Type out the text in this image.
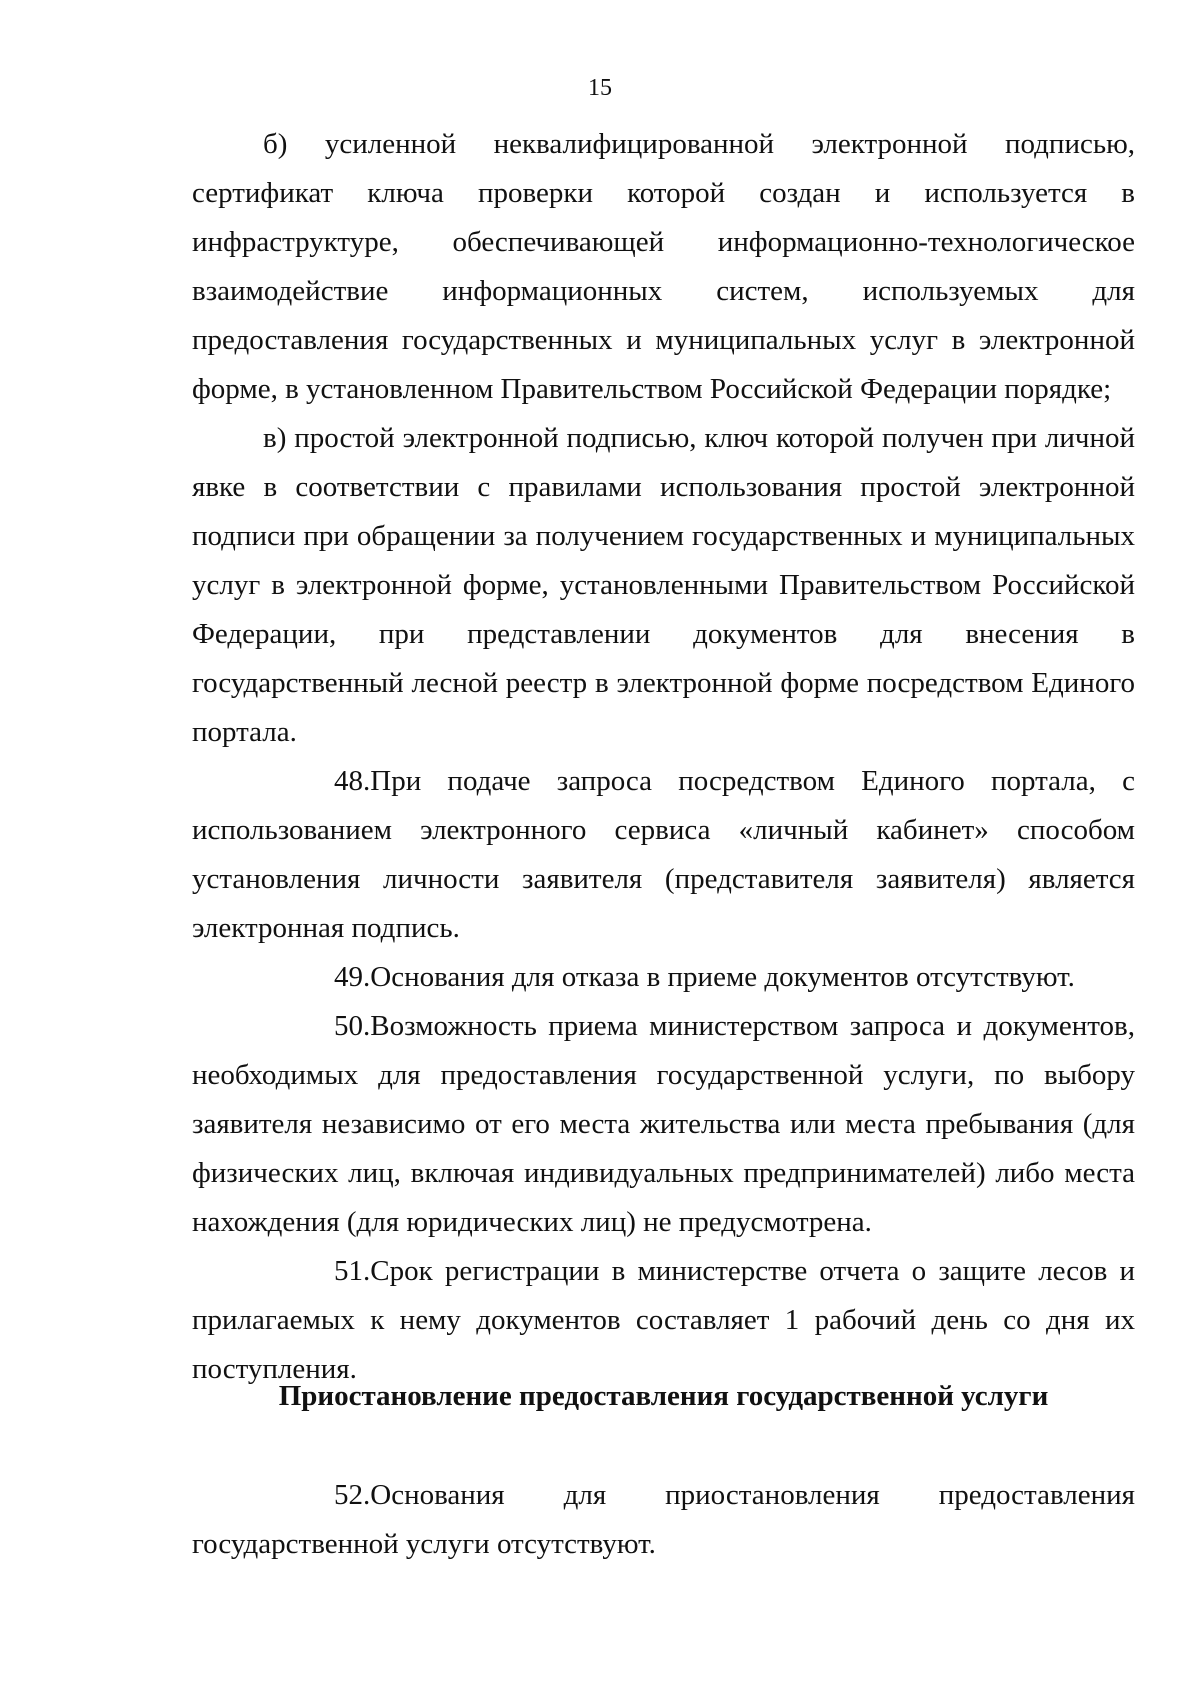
15

б) усиленной неквалифицированной электронной подписью, сертификат ключа проверки которой создан и используется в инфраструктуре, обеспечивающей информационно-технологическое взаимодействие информационных систем, используемых для предоставления государственных и муниципальных услуг в электронной форме, в установленном Правительством Российской Федерации порядке;

в) простой электронной подписью, ключ которой получен при личной явке в соответствии с правилами использования простой электронной подписи при обращении за получением государственных и муниципальных услуг в электронной форме, установленными Правительством Российской Федерации, при представлении документов для внесения в государственный лесной реестр в электронной форме посредством Единого портала.

48.При подаче запроса посредством Единого портала, с использованием электронного сервиса «личный кабинет» способом установления личности заявителя (представителя заявителя) является электронная подпись.

49.Основания для отказа в приеме документов отсутствуют.

50.Возможность приема министерством запроса и документов, необходимых для предоставления государственной услуги, по выбору заявителя независимо от его места жительства или места пребывания (для физических лиц, включая индивидуальных предпринимателей) либо места нахождения (для юридических лиц) не предусмотрена.

51.Срок регистрации в министерстве отчета о защите лесов и прилагаемых к нему документов составляет 1 рабочий день со дня их поступления.

Приостановление предоставления государственной услуги

52.Основания для приостановления предоставления государственной услуги отсутствуют.
